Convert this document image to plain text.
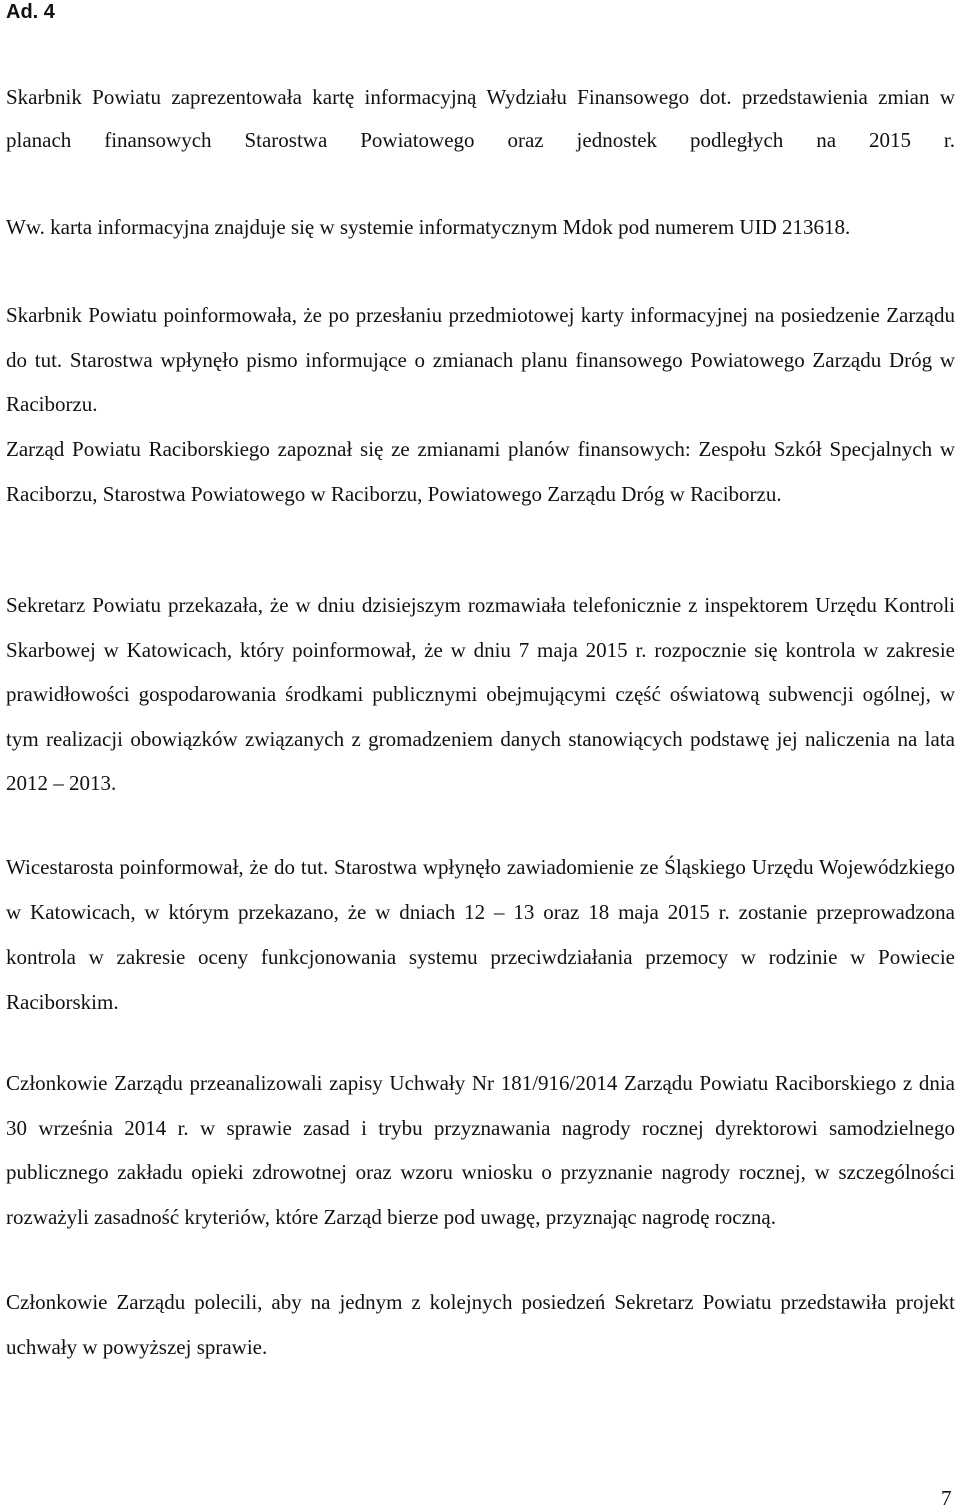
Ad. 4

Skarbnik Powiatu zaprezentowała kartę informacyjną Wydziału Finansowego dot. przedstawienia zmian w planach finansowych Starostwa Powiatowego oraz jednostek podległych na 2015 r.

Ww. karta informacyjna znajduje się w systemie informatycznym Mdok pod numerem UID 213618.

Skarbnik Powiatu poinformowała, że po przesłaniu przedmiotowej karty informacyjnej na posiedzenie Zarządu do tut. Starostwa wpłynęło pismo informujące o zmianach planu finansowego Powiatowego Zarządu Dróg w Raciborzu.

Zarząd Powiatu Raciborskiego zapoznał się ze zmianami planów finansowych: Zespołu Szkół Specjalnych w Raciborzu, Starostwa Powiatowego w Raciborzu, Powiatowego Zarządu Dróg w Raciborzu.

Sekretarz Powiatu przekazała, że w dniu dzisiejszym rozmawiała telefonicznie z inspektorem Urzędu Kontroli Skarbowej w Katowicach, który poinformował, że w dniu 7 maja 2015 r. rozpocznie się kontrola w zakresie prawidłowości gospodarowania środkami publicznymi obejmującymi część oświatową subwencji ogólnej, w tym realizacji obowiązków związanych z gromadzeniem danych stanowiących podstawę jej naliczenia na lata 2012 – 2013.

Wicestarosta poinformował, że do tut. Starostwa wpłynęło zawiadomienie ze Śląskiego Urzędu Wojewódzkiego w Katowicach, w którym przekazano, że w dniach 12 – 13 oraz 18 maja 2015 r. zostanie przeprowadzona kontrola w zakresie oceny funkcjonowania systemu przeciwdziałania przemocy w rodzinie w Powiecie Raciborskim.

Członkowie Zarządu przeanalizowali zapisy Uchwały Nr 181/916/2014 Zarządu Powiatu Raciborskiego z dnia 30 września 2014 r. w sprawie zasad i trybu przyznawania nagrody rocznej dyrektorowi samodzielnego publicznego zakładu opieki zdrowotnej oraz wzoru wniosku o przyznanie nagrody rocznej, w szczególności rozważyli zasadność kryteriów, które Zarząd bierze pod uwagę, przyznając nagrodę roczną.

Członkowie Zarządu polecili, aby na jednym z kolejnych posiedzeń Sekretarz Powiatu przedstawiła projekt uchwały w powyższej sprawie.

7
